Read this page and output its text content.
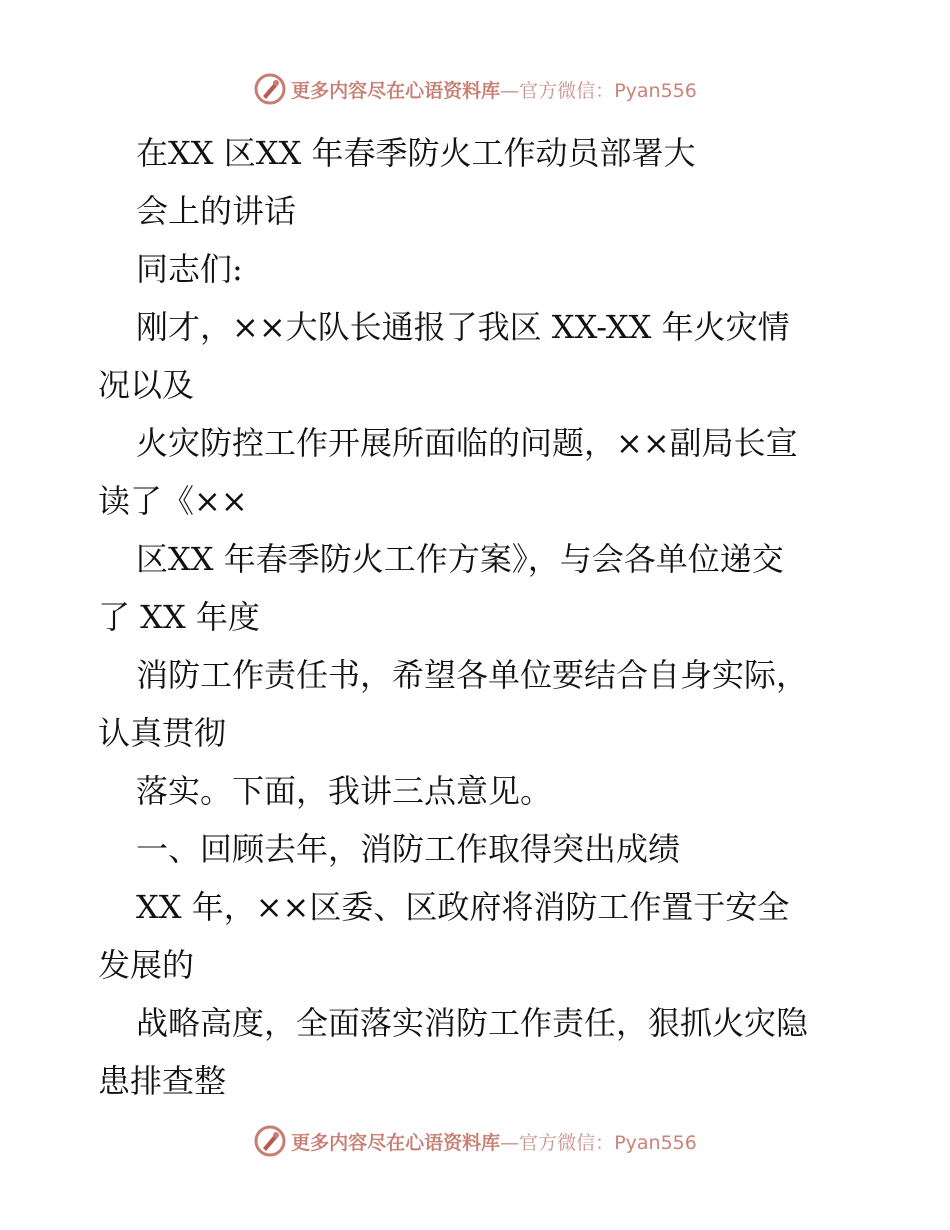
更多内容尽在心语资料库—官方微信：Pyan556
在XX 区XX 年春季防火工作动员部署大
会上的讲话
同志们:
刚才，××大队长通报了我区 XX-XX 年火灾情
况以及
火灾防控工作开展所面临的问题，××副局长宣
读了《××
区XX 年春季防火工作方案》，与会各单位递交
了 XX 年度
消防工作责任书，希望各单位要结合自身实际，
认真贯彻
落实。下面，我讲三点意见。
一、回顾去年，消防工作取得突出成绩
XX 年，××区委、区政府将消防工作置于安全
发展的
战略高度，全面落实消防工作责任，狠抓火灾隐
患排查整
更多内容尽在心语资料库—官方微信：Pyan556
